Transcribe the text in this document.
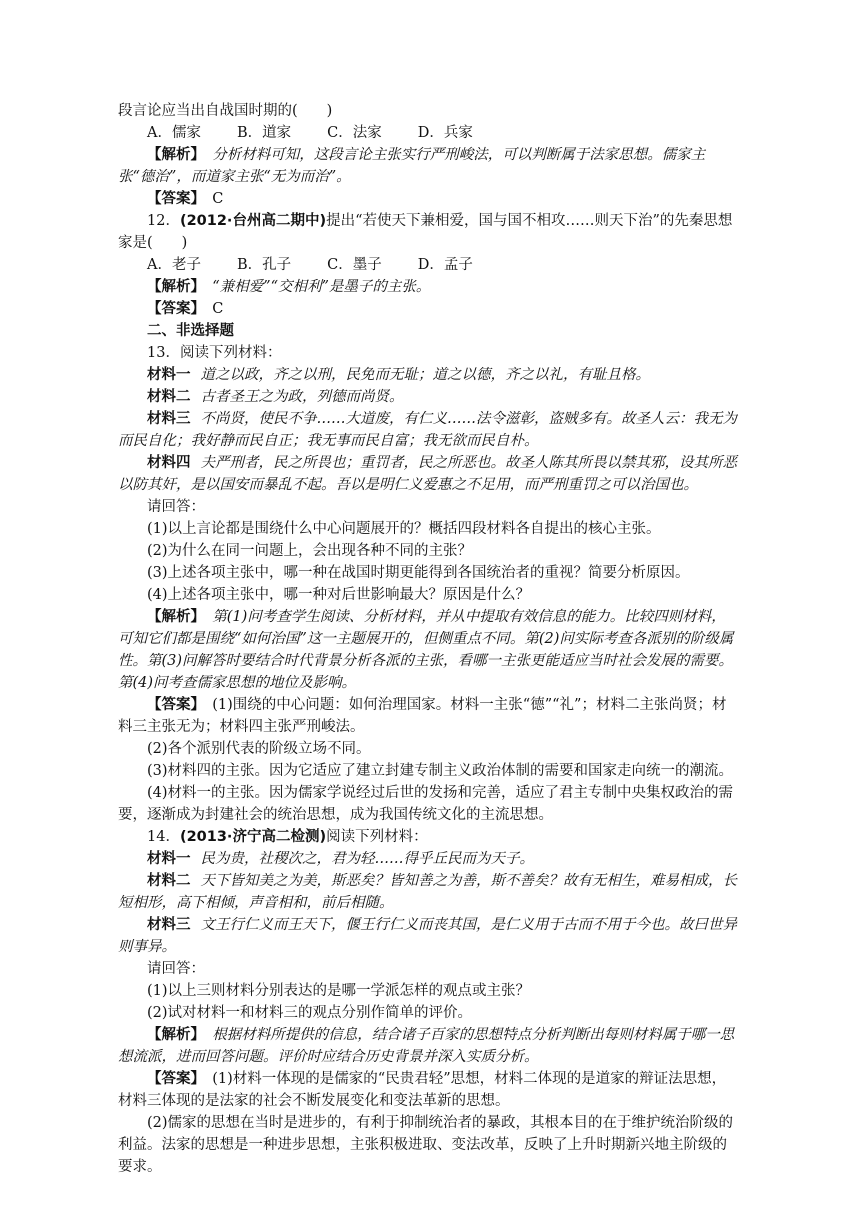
段言论应当出自战国时期的(　　)

A．儒家 B．道家 C．法家 D．兵家

【解析】　 分析材料可知，这段言论主张实行严刑峻法，可以判断属于法家思想。儒家主张“德治”，而道家主张“无为而治”。

【答案】　 C

12．(2012·台州高二期中)提出“若使天下兼相爱，国与国不相攻……则天下治”的先秦思想家是(　　)

A．老子 B．孔子 C．墨子 D．孟子

【解析】　 “兼相爱”“交相利”是墨子的主张。

【答案】　 C

二、非选择题

13．阅读下列材料：

材料一 道之以政，齐之以刑，民免而无耻；道之以德，齐之以礼，有耻且格。

材料二 古者圣王之为政，列德而尚贤。

材料三 不尚贤，使民不争……大道废，有仁义……法令滋彰，盗贼多有。故圣人云：我无为而民自化；我好静而民自正；我无事而民自富；我无欲而民自朴。

材料四 夫严刑者，民之所畏也；重罚者，民之所恶也。故圣人陈其所畏以禁其邪，设其所恶以防其奸，是以国安而暴乱不起。吾以是明仁义爱惠之不足用，而严刑重罚之可以治国也。

请回答：

(1)以上言论都是围绕什么中心问题展开的？概括四段材料各自提出的核心主张。

(2)为什么在同一问题上，会出现各种不同的主张？

(3)上述各项主张中，哪一种在战国时期更能得到各国统治者的重视？简要分析原因。

(4)上述各项主张中，哪一种对后世影响最大？原因是什么？

【解析】　 第(1)问考查学生阅读、分析材料，并从中提取有效信息的能力。比较四则材料，可知它们都是围绕“如何治国”这一主题展开的，但侧重点不同。第(2)问实际考查各派别的阶级属性。第(3)问解答时要结合时代背景分析各派的主张，看哪一主张更能适应当时社会发展的需要。第(4)问考查儒家思想的地位及影响。

【答案】　 (1)围绕的中心问题：如何治理国家。材料一主张“德”“礼”；材料二主张尚贤；材料三主张无为；材料四主张严刑峻法。

(2)各个派别代表的阶级立场不同。

(3)材料四的主张。因为它适应了建立封建专制主义政治体制的需要和国家走向统一的潮流。

(4)材料一的主张。因为儒家学说经过后世的发扬和完善，适应了君主专制中央集权政治的需要，逐渐成为封建社会的统治思想，成为我国传统文化的主流思想。

14．(2013·济宁高二检测)阅读下列材料：

材料一 民为贵，社稷次之，君为轻……得乎丘民而为天子。

材料二 天下皆知美之为美，斯恶矣？皆知善之为善，斯不善矣？故有无相生，难易相成，长短相形，高下相倾，声音相和，前后相随。

材料三 文王行仁义而王天下，偃王行仁义而丧其国，是仁义用于古而不用于今也。故曰世异则事异。

请回答：

(1)以上三则材料分别表达的是哪一学派怎样的观点或主张？

(2)试对材料一和材料三的观点分别作简单的评价。

【解析】　 根据材料所提供的信息，结合诸子百家的思想特点分析判断出每则材料属于哪一思想流派，进而回答问题。评价时应结合历史背景并深入实质分析。

【答案】　 (1)材料一体现的是儒家的“民贵君轻”思想，材料二体现的是道家的辩证法思想，材料三体现的是法家的社会不断发展变化和变法革新的思想。

(2)儒家的思想在当时是进步的，有利于抑制统治者的暴政，其根本目的在于维护统治阶级的利益。法家的思想是一种进步思想，主张积极进取、变法改革，反映了上升时期新兴地主阶级的要求。
